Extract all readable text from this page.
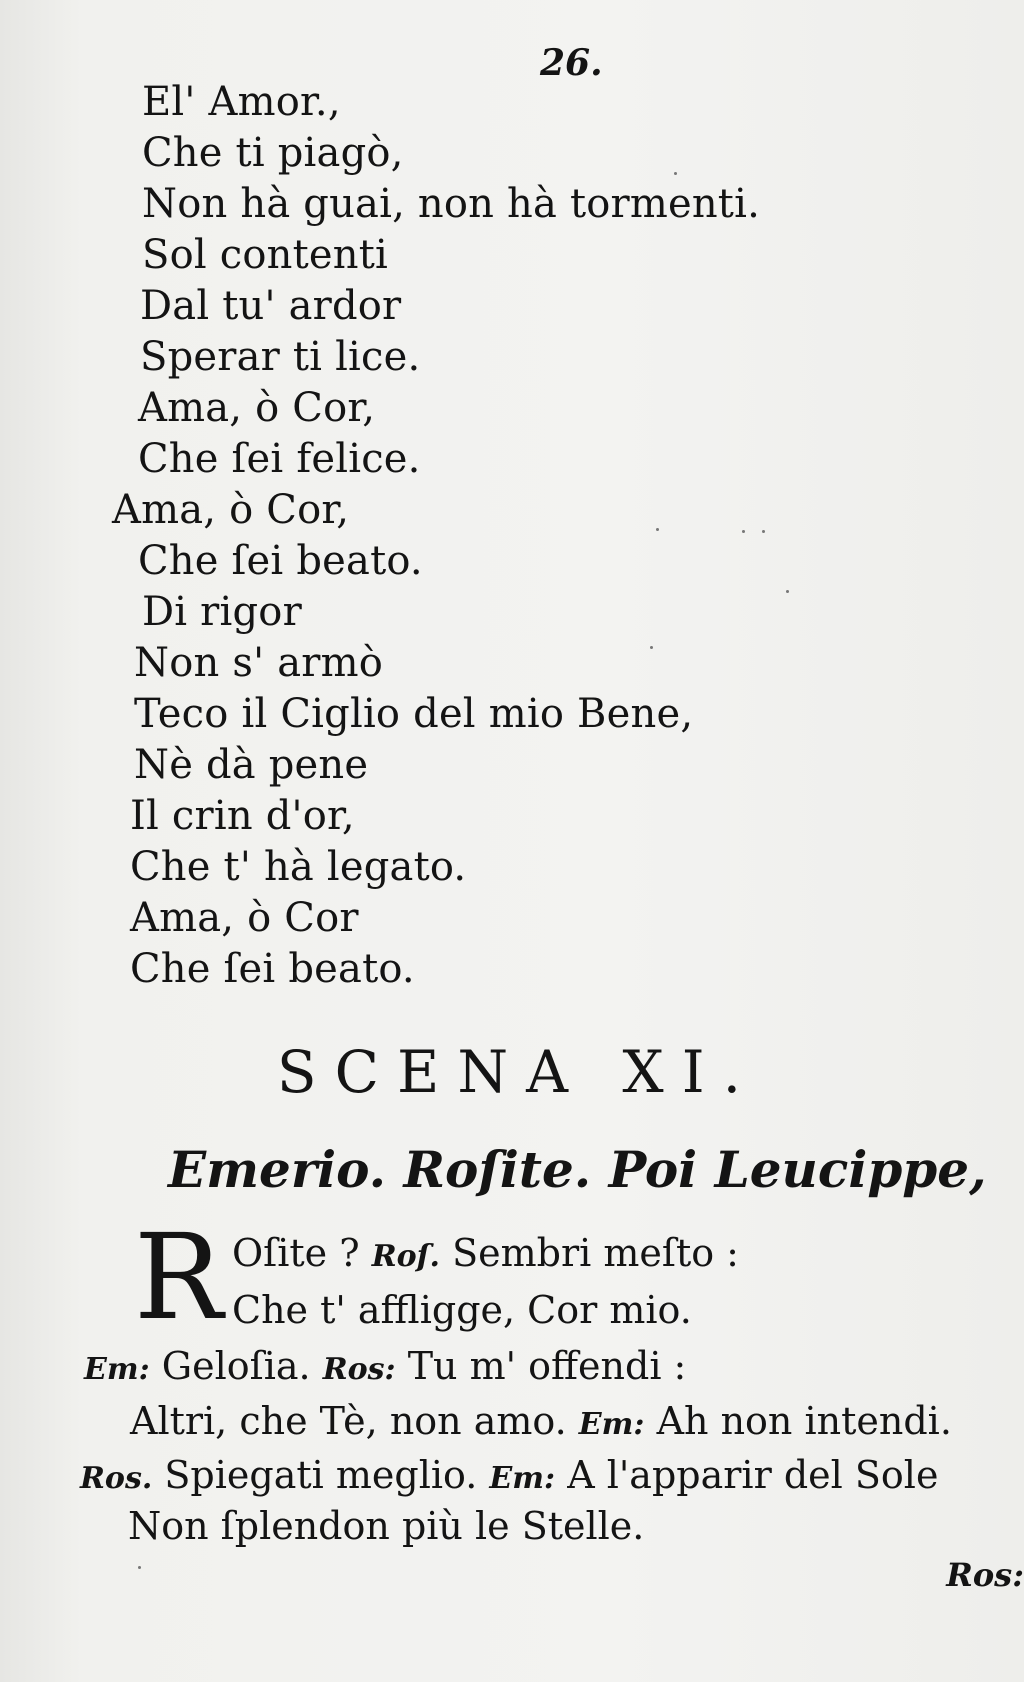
26.
El' Amor.,
Che ti piagò,
Non hà guai, non hà tormenti.
Sol contenti
Dal tu' ardor
Sperar ti lice.
Ama, ò Cor,
Che ſei felice.
Ama, ò Cor,
Che ſei beato.
Di rigor
Non s' armò
Teco il Ciglio del mio Bene,
Nè dà pene
Il crin d'or,
Che t' hà legato.
Ama, ò Cor
Che ſei beato.
SCENA XI.
Emerio. Roſite. Poi Leucippe,
R Oſite ? Roſ. Sembri meſto :
Che t' affligge, Cor mio.
Em: Geloſia. Ros: Tu m' offendi :
Altri, che Tè, non amo. Em: Ah non intendi.
Ros. Spiegati meglio. Em: A l'apparir del Sole
Non ſplendon più le Stelle.
Ros:
